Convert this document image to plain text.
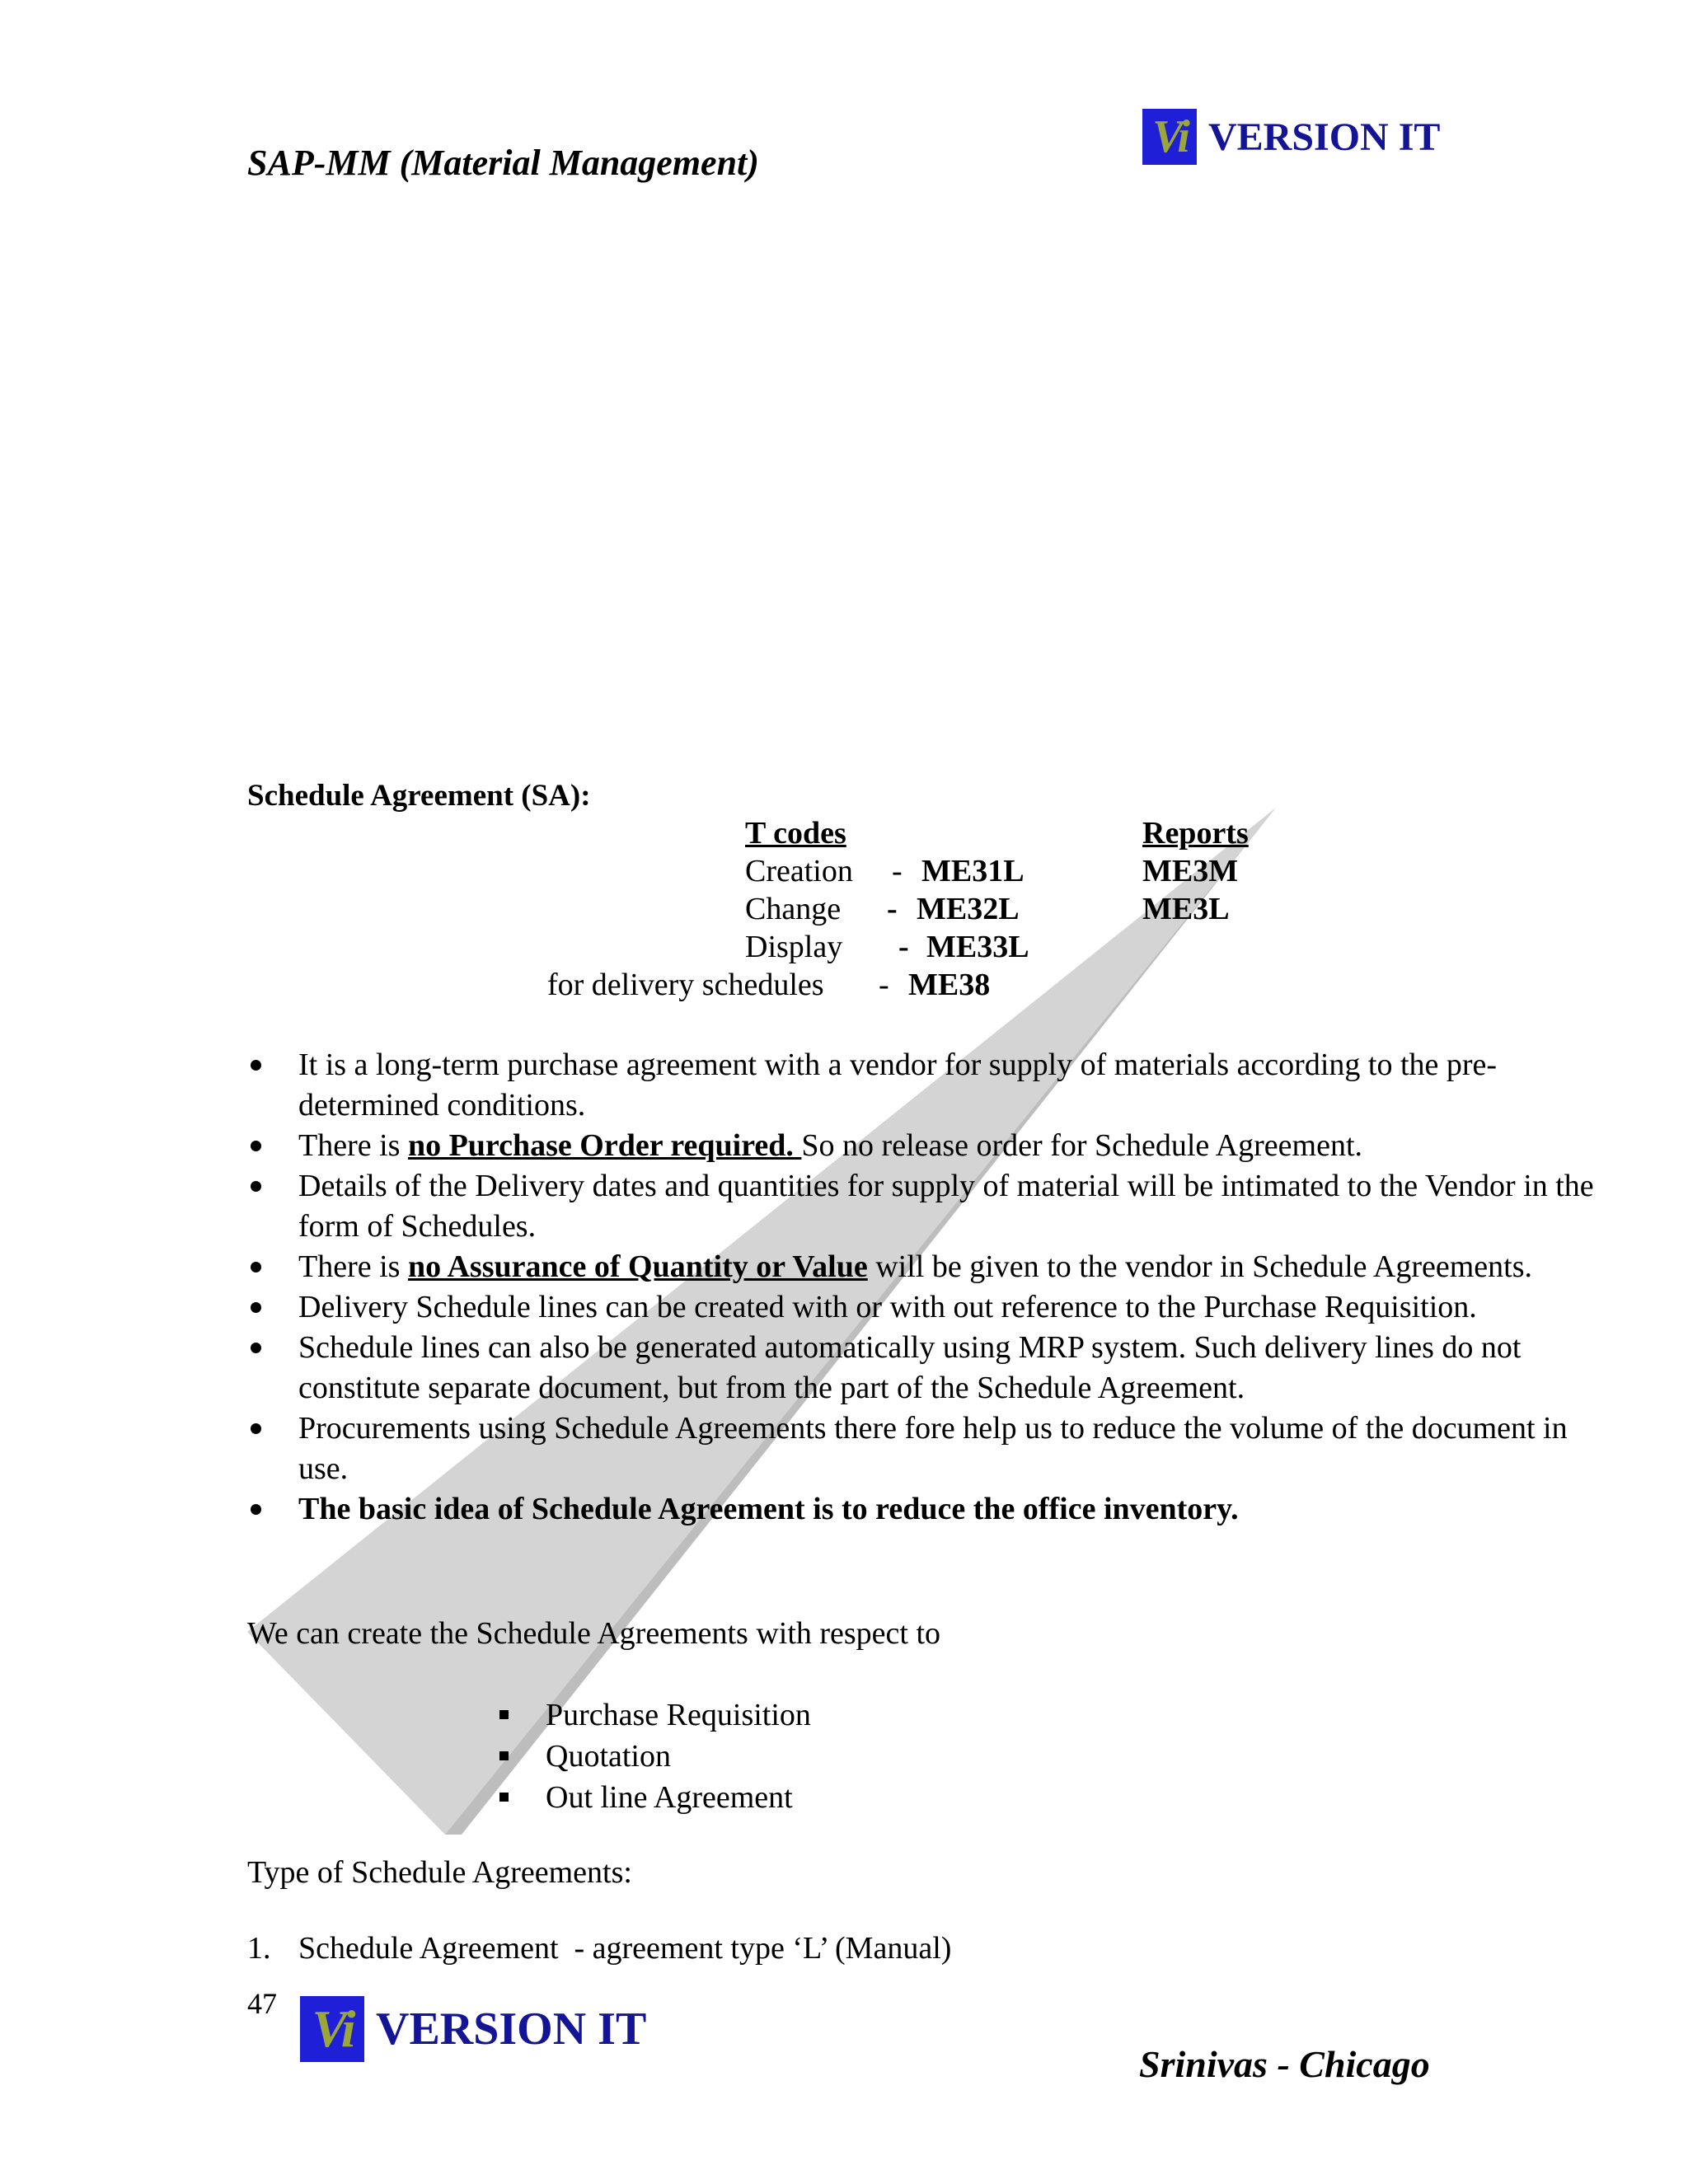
SAP-MM (Material Management)
Vi VERSION IT
Schedule Agreement (SA):
T codes	Reports
Creation - ME31L	ME3M
Change - ME32L	ME3L
Display - ME33L
for delivery schedules - ME38
It is a long-term purchase agreement with a vendor for supply of materials according to the pre-determined conditions.
There is no Purchase Order required. So no release order for Schedule Agreement.
Details of the Delivery dates and quantities for supply of material will be intimated to the Vendor in the form of Schedules.
There is no Assurance of Quantity or Value will be given to the vendor in Schedule Agreements.
Delivery Schedule lines can be created with or with out reference to the Purchase Requisition.
Schedule lines can also be generated automatically using MRP system. Such delivery lines do not constitute separate document, but from the part of the Schedule Agreement.
Procurements using Schedule Agreements there fore help us to reduce the volume of the document in use.
The basic idea of Schedule Agreement is to reduce the office inventory.
We can create the Schedule Agreements with respect to
Purchase Requisition
Quotation
Out line Agreement
Type of Schedule Agreements:
1. Schedule Agreement  - agreement type ‘L’ (Manual)
47 Vi VERSION IT
Srinivas - Chicago
